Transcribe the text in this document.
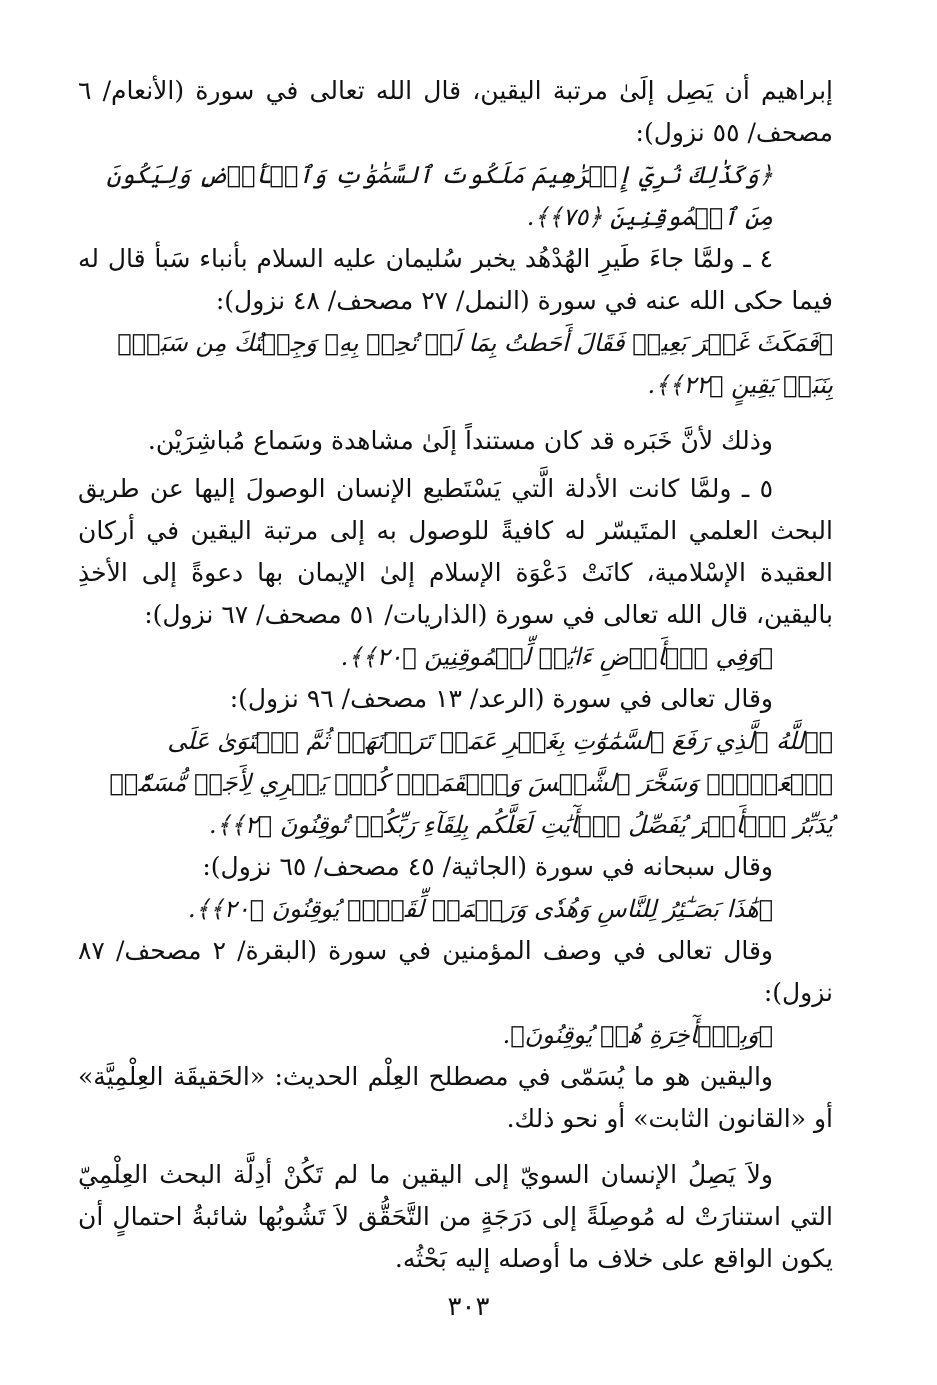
إبراهيم أن يَصِل إلَىٰ مرتبة اليقين، قال الله تعالى في سورة (الأنعام/ ٦ مصحف/ ٥٥ نزول):

﴿وَكَذَٰلِكَ نُرِيٓ إِبۡرَٰهِيمَ مَلَكُوتَ ٱلسَّمَٰوَٰتِ وَٱلۡأَرۡضِ وَلِيَكُونَ مِنَ ٱلۡمُوقِنِينَ ﴿٧٥﴾﴾.

٤ ـ ولمَّا جاءَ طَيرِ الهُدْهُد يخبر سُليمان عليه السلام بأنباء سَبأ قال له فيما حكى الله عنه في سورة (النمل/ ٢٧ مصحف/ ٤٨ نزول):

﴿فَمَكَثَ غَيۡرَ بَعِيدٖ فَقَالَ أَحَطتُ بِمَا لَمۡ تُحِطۡ بِهِۦ وَجِئۡتُكَ مِن سَبَإِۭ بِنَبَإٖ يَقِينٍ ﴿٢٢﴾﴾.

وذلك لأنَّ خَبَره قد كان مستنداً إلَىٰ مشاهدة وسَماع مُباشِرَيْن.

٥ ـ ولمَّا كانت الأدلة الَّتي يَسْتَطيع الإنسان الوصولَ إليها عن طريق البحث العلمي المتَيسّر له كافيةً للوصول به إلى مرتبة اليقين في أركان العقيدة الإسْلامية، كانَتْ دَعْوَة الإسلام إلىٰ الإيمان بها دعوةً إلى الأخذِ باليقين، قال الله تعالى في سورة (الذاريات/ ٥١ مصحف/ ٦٧ نزول):

﴿وَفِي ٱلۡأَرۡضِ ءَايَٰتٞ لِّلۡمُوقِنِينَ ﴿٢٠﴾﴾.

وقال تعالى في سورة (الرعد/ ١٣ مصحف/ ٩٦ نزول):

﴿ٱللَّهُ ٱلَّذِي رَفَعَ ٱلسَّمَٰوَٰتِ بِغَيۡرِ عَمَدٖ تَرَوۡنَهَاۖ ثُمَّ ٱسۡتَوَىٰ عَلَى ٱلۡعَرۡشِۖ وَسَخَّرَ ٱلشَّمۡسَ وَٱلۡقَمَرَۖ كُلّٞ يَجۡرِي لِأَجَلٖ مُّسَمّٗىۚ يُدَبِّرُ ٱلۡأَمۡرَ يُفَصِّلُ ٱلۡأٓيَٰتِ لَعَلَّكُم بِلِقَآءِ رَبِّكُمۡ تُوقِنُونَ ﴿٢﴾﴾.

وقال سبحانه في سورة (الجاثية/ ٤٥ مصحف/ ٦٥ نزول):

﴿هَٰذَا بَصَـٰٓئِرُ لِلنَّاسِ وَهُدٗى وَرَحۡمَةٞ لِّقَوۡمٖ يُوقِنُونَ ﴿٢٠﴾﴾.

وقال تعالى في وصف المؤمنين في سورة (البقرة/ ٢ مصحف/ ٨٧ نزول):

﴿وَبِٱلۡأٓخِرَةِ هُمۡ يُوقِنُونَ﴾.

واليقين هو ما يُسَمّى في مصطلح العِلْم الحديث: «الحَقيقَة العِلْمِيَّة» أو «القانون الثابت» أو نحو ذلك.

ولاَ يَصِلُ الإنسان السويّ إلى اليقين ما لم تَكُنْ أدِلَّة البحث العِلْمِيّ التي استنارَتْ له مُوصِلَةً إلى دَرَجَةٍ من التَّحَقُّق لاَ تَشُوبُها شائبةُ احتمالٍ أن يكون الواقع على خلاف ما أوصله إليه بَحْثُه.

٣٠٣
